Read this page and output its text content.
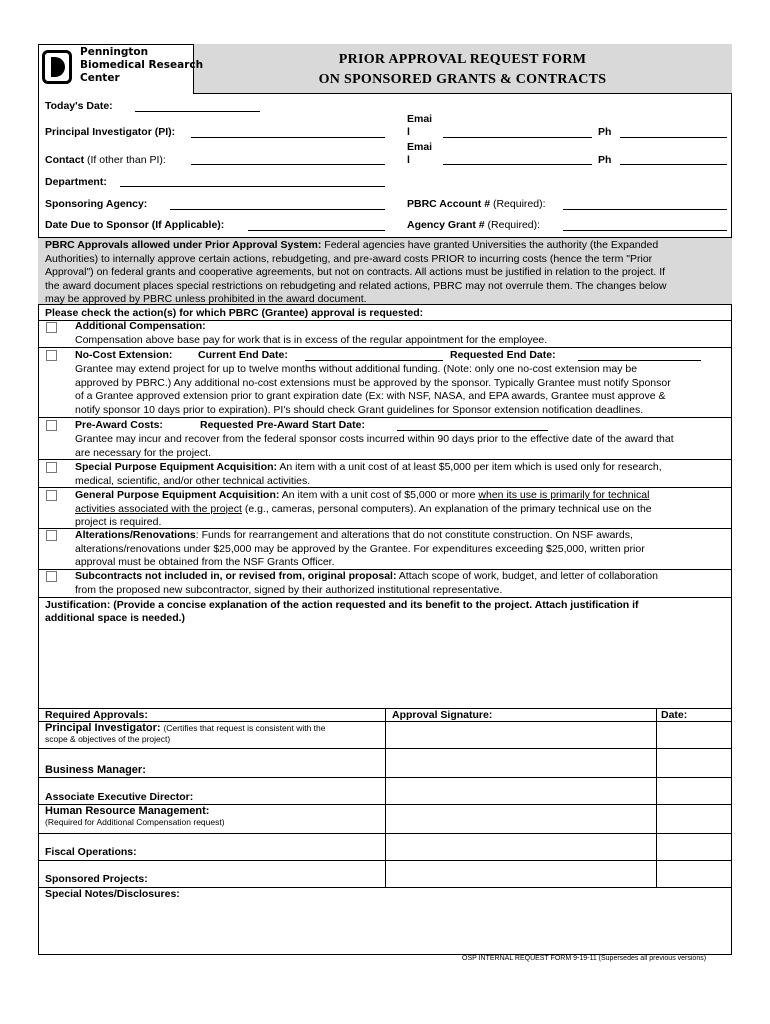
Pennington
Biomedical Research
Center
PRIOR APPROVAL REQUEST FORM
ON SPONSORED GRANTS & CONTRACTS
Today's Date:
Principal Investigator (PI):
Contact (If other than PI):
Emai
l	Ph
Emai
l	Ph
Department:
Sponsoring Agency:	PBRC Account # (Required):
Date Due to Sponsor (If Applicable):	Agency Grant # (Required):
PBRC Approvals allowed under Prior Approval System: Federal agencies have granted Universities the authority (the Expanded
Authorities) to internally approve certain actions, rebudgeting, and pre-award costs PRIOR to incurring costs (hence the term "Prior
Approval") on federal grants and cooperative agreements, but not on contracts. All actions must be justified in relation to the project. If
the award document places special restrictions on rebudgeting and related actions, PBRC may not overrule them. The changes below
may be approved by PBRC unless prohibited in the award document.
Please check the action(s) for which PBRC (Grantee) approval is requested:
Additional Compensation:
Compensation above base pay for work that is in excess of the regular appointment for the employee.
No-Cost Extension: Current End Date:	Requested End Date:
Grantee may extend project for up to twelve months without additional funding. (Note: only one no-cost extension may be
approved by PBRC.) Any additional no-cost extensions must be approved by the sponsor. Typically Grantee must notify Sponsor
of a Grantee approved extension prior to grant expiration date (Ex: with NSF, NASA, and EPA awards, Grantee must approve &
notify sponsor 10 days prior to expiration). PI's should check Grant guidelines for Sponsor extension notification deadlines.
Pre-Award Costs:	Requested Pre-Award Start Date:
Grantee may incur and recover from the federal sponsor costs incurred within 90 days prior to the effective date of the award that
are necessary for the project.
Special Purpose Equipment Acquisition: An item with a unit cost of at least $5,000 per item which is used only for research,
medical, scientific, and/or other technical activities.
General Purpose Equipment Acquisition: An item with a unit cost of $5,000 or more when its use is primarily for technical
activities associated with the project (e.g., cameras, personal computers). An explanation of the primary technical use on the
project is required.
Alterations/Renovations: Funds for rearrangement and alterations that do not constitute construction. On NSF awards,
alterations/renovations under $25,000 may be approved by the Grantee. For expenditures exceeding $25,000, written prior
approval must be obtained from the NSF Grants Officer.
Subcontracts not included in, or revised from, original proposal: Attach scope of work, budget, and letter of collaboration
from the proposed new subcontractor, signed by their authorized institutional representative.
Justification: (Provide a concise explanation of the action requested and its benefit to the project. Attach justification if
additional space is needed.)
Required Approvals:	Approval Signature:	Date:
Principal Investigator: (Certifies that request is consistent with the
scope & objectives of the project)
Business Manager:
Associate Executive Director:
Human Resource Management:
(Required for Additional Compensation request)
Fiscal Operations:
Sponsored Projects:
Special Notes/Disclosures:
OSP INTERNAL REQUEST FORM 9-19-11 (Supersedes all previous versions)
